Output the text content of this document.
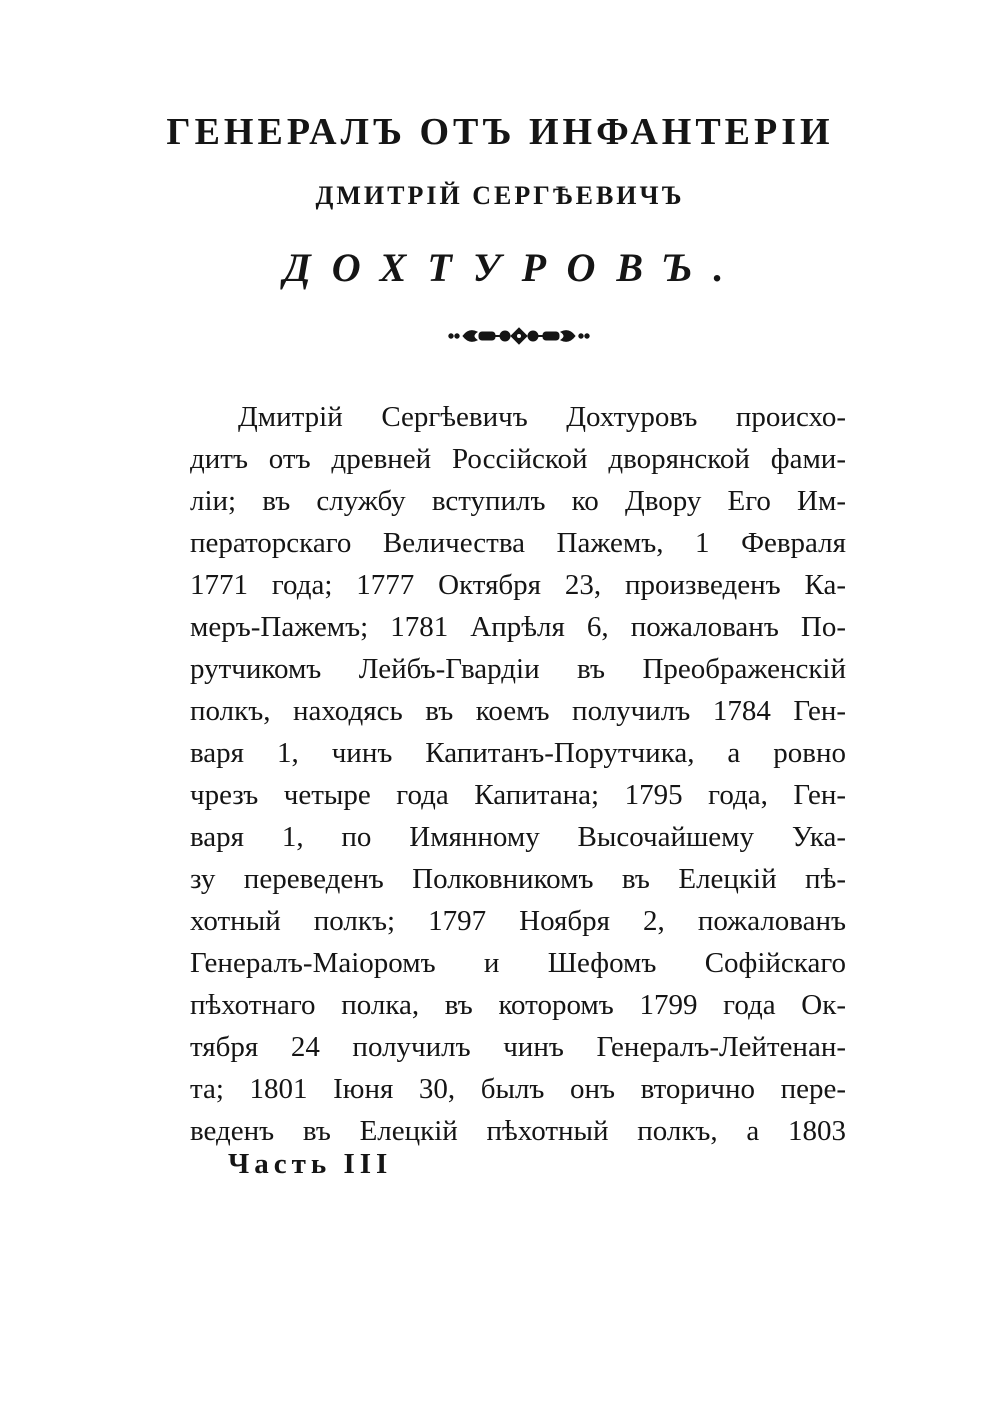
ГЕНЕРАЛЪ ОТЪ ИНФАНТЕРІИ
ДМИТРІЙ СЕРГѢЕВИЧЪ
ДОХТУРОВЪ.
Дмитрій Сергѣевичъ Дохтуровъ происхо-
дитъ отъ древней Россійской дворянской фами-
ліи; въ службу вступилъ ко Двору Его Им-
ператорскаго Величества Пажемъ, 1 Февраля
1771 года; 1777 Октября 23, произведенъ Ка-
меръ-Пажемъ; 1781 Апрѣля 6, пожалованъ По-
рутчикомъ Лейбъ-Гвардіи въ Преображенскій
полкъ, находясь въ коемъ получилъ 1784 Ген-
варя 1, чинъ Капитанъ-Порутчика, а ровно
чрезъ четыре года Капитана; 1795 года, Ген-
варя 1, по Имянному Высочайшему Ука-
зу переведенъ Полковникомъ въ Елецкій пѣ-
хотный полкъ; 1797 Ноября 2, пожалованъ
Генералъ-Маіоромъ и Шефомъ Софійскаго
пѣхотнаго полка, въ которомъ 1799 года Ок-
тября 24 получилъ чинъ Генералъ-Лейтенан-
та; 1801 Іюня 30, былъ онъ вторично пере-
веденъ въ Елецкій пѣхотный полкъ, а 1803
Часть III
